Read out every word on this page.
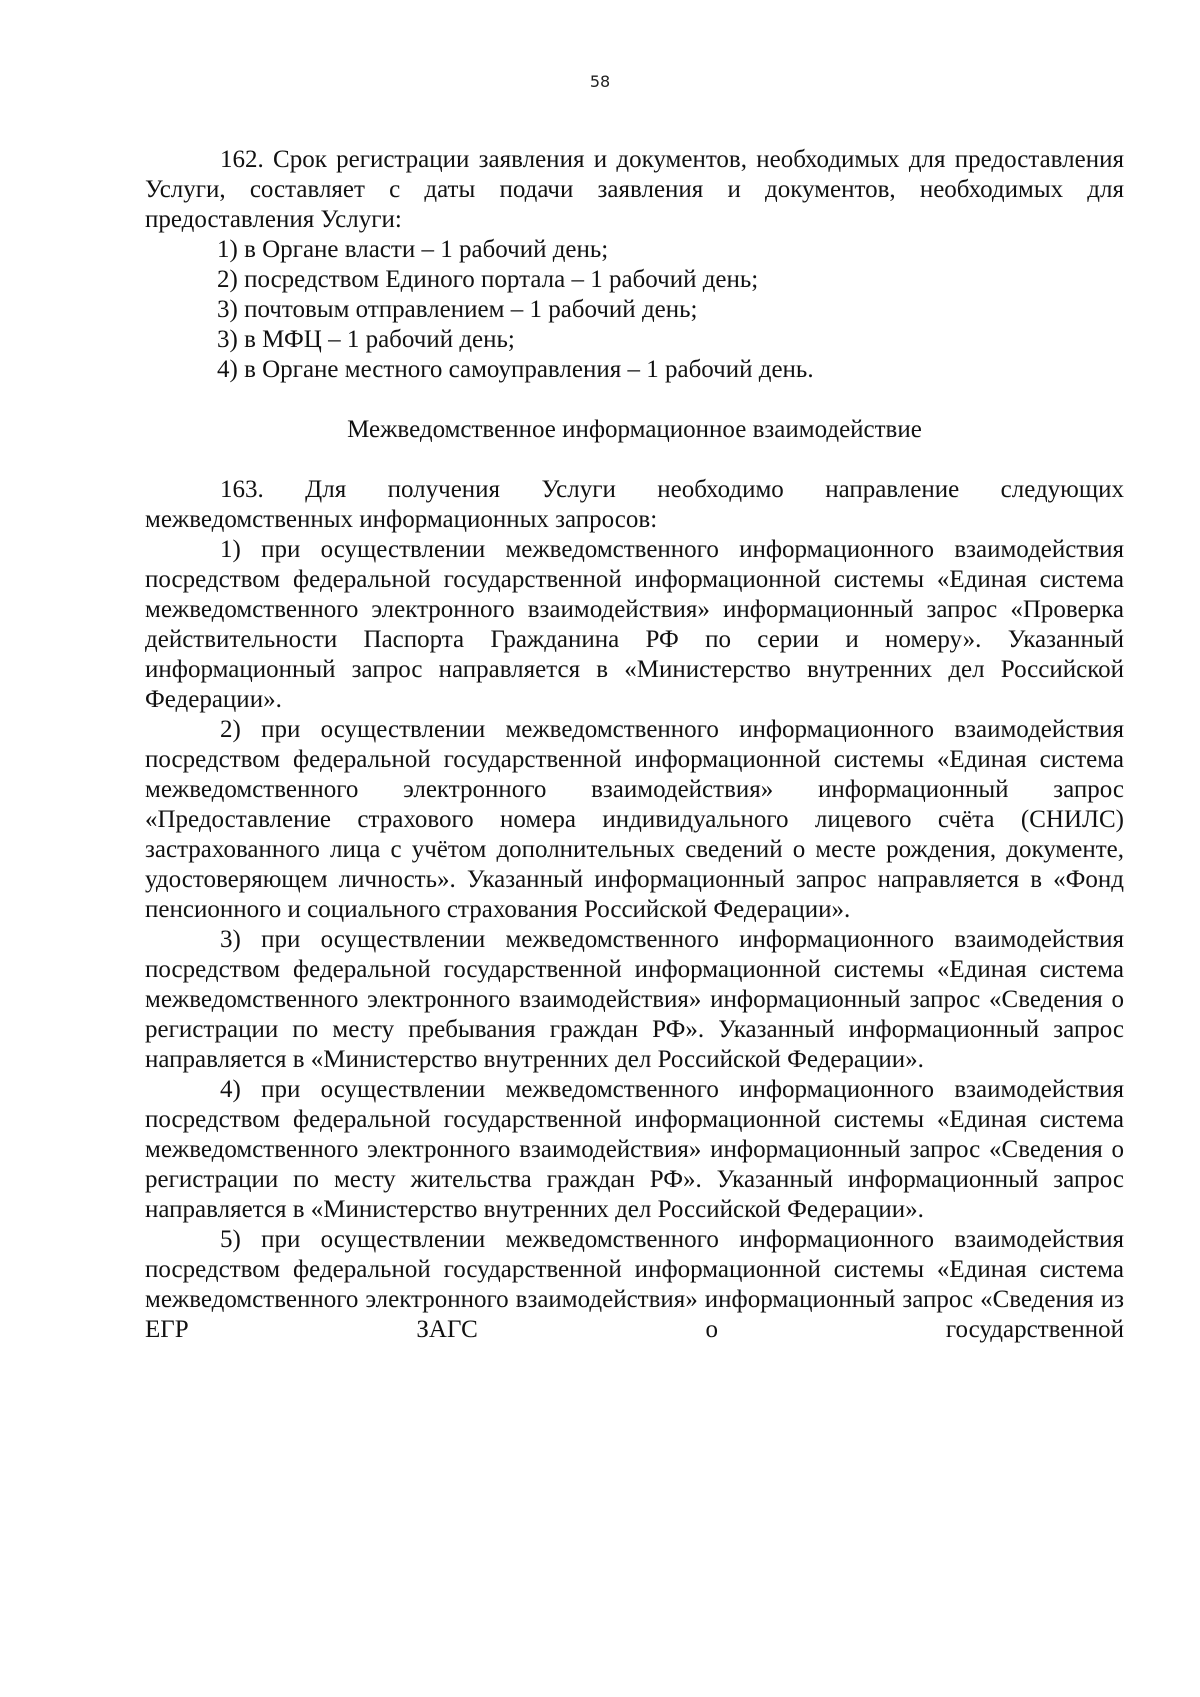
58

162. Срок регистрации заявления и документов, необходимых для предоставления Услуги, составляет с даты подачи заявления и документов, необходимых для предоставления Услуги:

1) в Органе власти – 1 рабочий день;

2) посредством Единого портала – 1 рабочий день;

3) почтовым отправлением – 1 рабочий день;

3) в МФЦ – 1 рабочий день;

4) в Органе местного самоуправления – 1 рабочий день.

Межведомственное информационное взаимодействие

163. Для получения Услуги необходимо направление следующих межведомственных информационных запросов:

1) при осуществлении межведомственного информационного взаимодействия посредством федеральной государственной информационной системы «Единая система межведомственного электронного взаимодействия» информационный запрос «Проверка действительности Паспорта Гражданина РФ по серии и номеру». Указанный информационный запрос направляется в «Министерство внутренних дел Российской Федерации».

2) при осуществлении межведомственного информационного взаимодействия посредством федеральной государственной информационной системы «Единая система межведомственного электронного взаимодействия» информационный запрос «Предоставление страхового номера индивидуального лицевого счёта (СНИЛС) застрахованного лица с учётом дополнительных сведений о месте рождения, документе, удостоверяющем личность». Указанный информационный запрос направляется в «Фонд пенсионного и социального страхования Российской Федерации».

3) при осуществлении межведомственного информационного взаимодействия посредством федеральной государственной информационной системы «Единая система межведомственного электронного взаимодействия» информационный запрос «Сведения о регистрации по месту пребывания граждан РФ». Указанный информационный запрос направляется в «Министерство внутренних дел Российской Федерации».

4) при осуществлении межведомственного информационного взаимодействия посредством федеральной государственной информационной системы «Единая система межведомственного электронного взаимодействия» информационный запрос «Сведения о регистрации по месту жительства граждан РФ». Указанный информационный запрос направляется в «Министерство внутренних дел Российской Федерации».

5) при осуществлении межведомственного информационного взаимодействия посредством федеральной государственной информационной системы «Единая система межведомственного электронного взаимодействия» информационный запрос «Сведения из ЕГР ЗАГС о государственной
